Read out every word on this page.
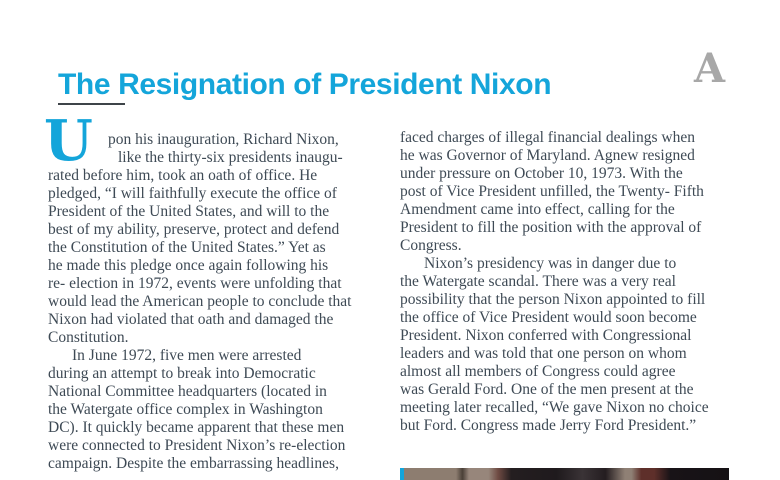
The Resignation of President Nixon	A
U pon his inauguration, Richard Nixon,
like the thirty-six presidents inaugu-
rated before him, took an oath of office. He
pledged, “I will faithfully execute the office of
President of the United States, and will to the
best of my ability, preserve, protect and defend
the Constitution of the United States.” Yet as
he made this pledge once again following his
re- election in 1972, events were unfolding that
would lead the American people to conclude that
Nixon had violated that oath and damaged the
Constitution.
In June 1972, five men were arrested
during an attempt to break into Democratic
National Committee headquarters (located in
the Watergate office complex in Washington
DC). It quickly became apparent that these men
were connected to President Nixon’s re-election
campaign. Despite the embarrassing headlines,
faced charges of illegal financial dealings when
he was Governor of Maryland. Agnew resigned
under pressure on October 10, 1973. With the
post of Vice President unfilled, the Twenty- Fifth
Amendment came into effect, calling for the
President to fill the position with the approval of
Congress.
Nixon’s presidency was in danger due to
the Watergate scandal. There was a very real
possibility that the person Nixon appointed to fill
the office of Vice President would soon become
President. Nixon conferred with Congressional
leaders and was told that one person on whom
almost all members of Congress could agree
was Gerald Ford. One of the men present at the
meeting later recalled, “We gave Nixon no choice
but Ford. Congress made Jerry Ford President.”
